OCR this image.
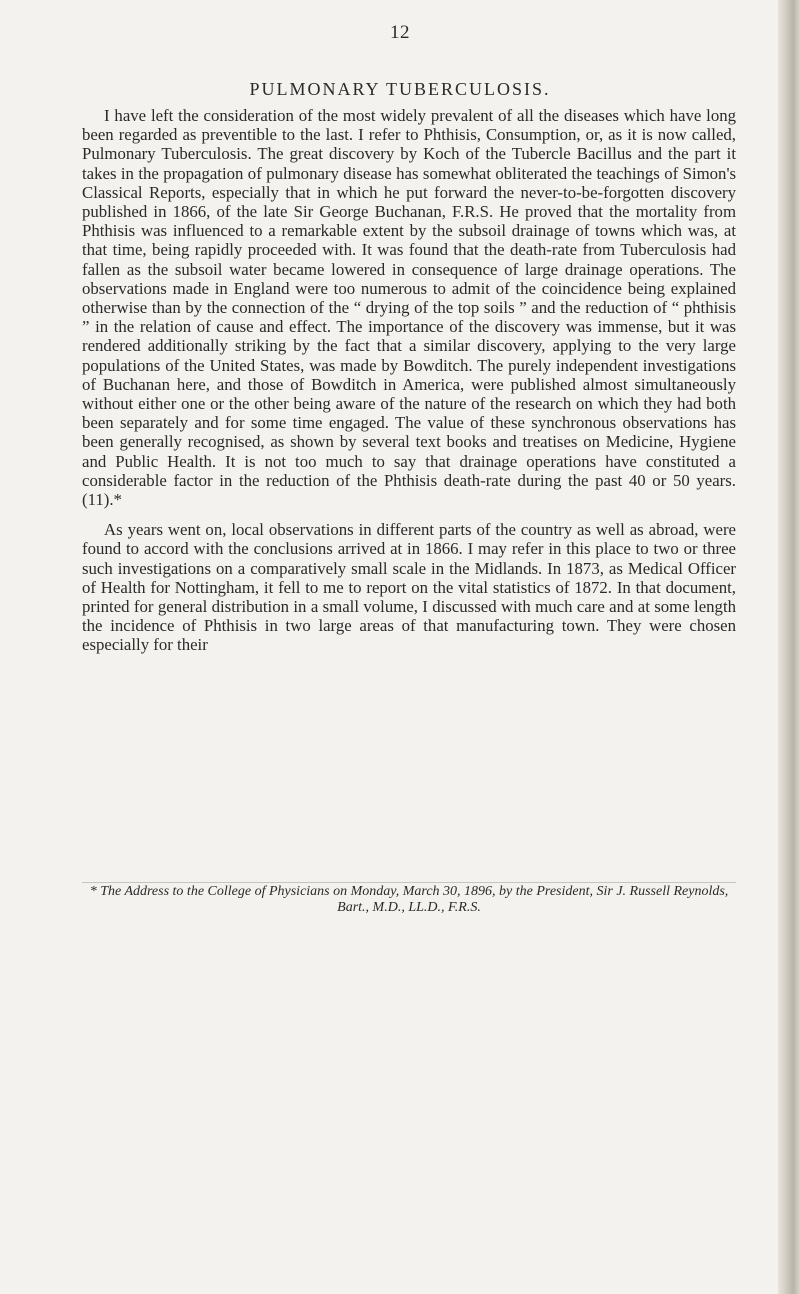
12
PULMONARY TUBERCULOSIS.

I have left the consideration of the most widely prevalent of all the diseases which have long been regarded as preventible to the last. I refer to Phthisis, Consumption, or, as it is now called, Pulmonary Tuberculosis. The great discovery by Koch of the Tubercle Bacillus and the part it takes in the propagation of pulmonary disease has somewhat obliterated the teachings of Simon's Classical Reports, especially that in which he put forward the never-to-be-forgotten discovery published in 1866, of the late Sir George Buchanan, F.R.S. He proved that the mortality from Phthisis was influenced to a remarkable extent by the subsoil drainage of towns which was, at that time, being rapidly proceeded with. It was found that the death-rate from Tuberculosis had fallen as the subsoil water became lowered in consequence of large drainage operations. The observations made in England were too numerous to admit of the coincidence being explained otherwise than by the connection of the “ drying of the top soils ” and the reduction of “ phthisis ” in the relation of cause and effect. The importance of the discovery was immense, but it was rendered additionally striking by the fact that a similar discovery, applying to the very large populations of the United States, was made by Bowditch. The purely independent investigations of Buchanan here, and those of Bowditch in America, were published almost simultaneously without either one or the other being aware of the nature of the research on which they had both been separately and for some time engaged. The value of these synchronous observations has been generally recognised, as shown by several text books and treatises on Medicine, Hygiene and Public Health. It is not too much to say that drainage operations have constituted a considerable factor in the reduction of the Phthisis death-rate during the past 40 or 50 years. (11).*

As years went on, local observations in different parts of the country as well as abroad, were found to accord with the conclusions arrived at in 1866. I may refer in this place to two or three such investigations on a comparatively small scale in the Midlands. In 1873, as Medical Officer of Health for Nottingham, it fell to me to report on the vital statistics of 1872. In that document, printed for general distribution in a small volume, I discussed with much care and at some length the incidence of Phthisis in two large areas of that manufacturing town. They were chosen especially for their

* The Address to the College of Physicians on Monday, March 30, 1896, by the President, Sir J. Russell Reynolds, Bart., M.D., LL.D., F.R.S.
